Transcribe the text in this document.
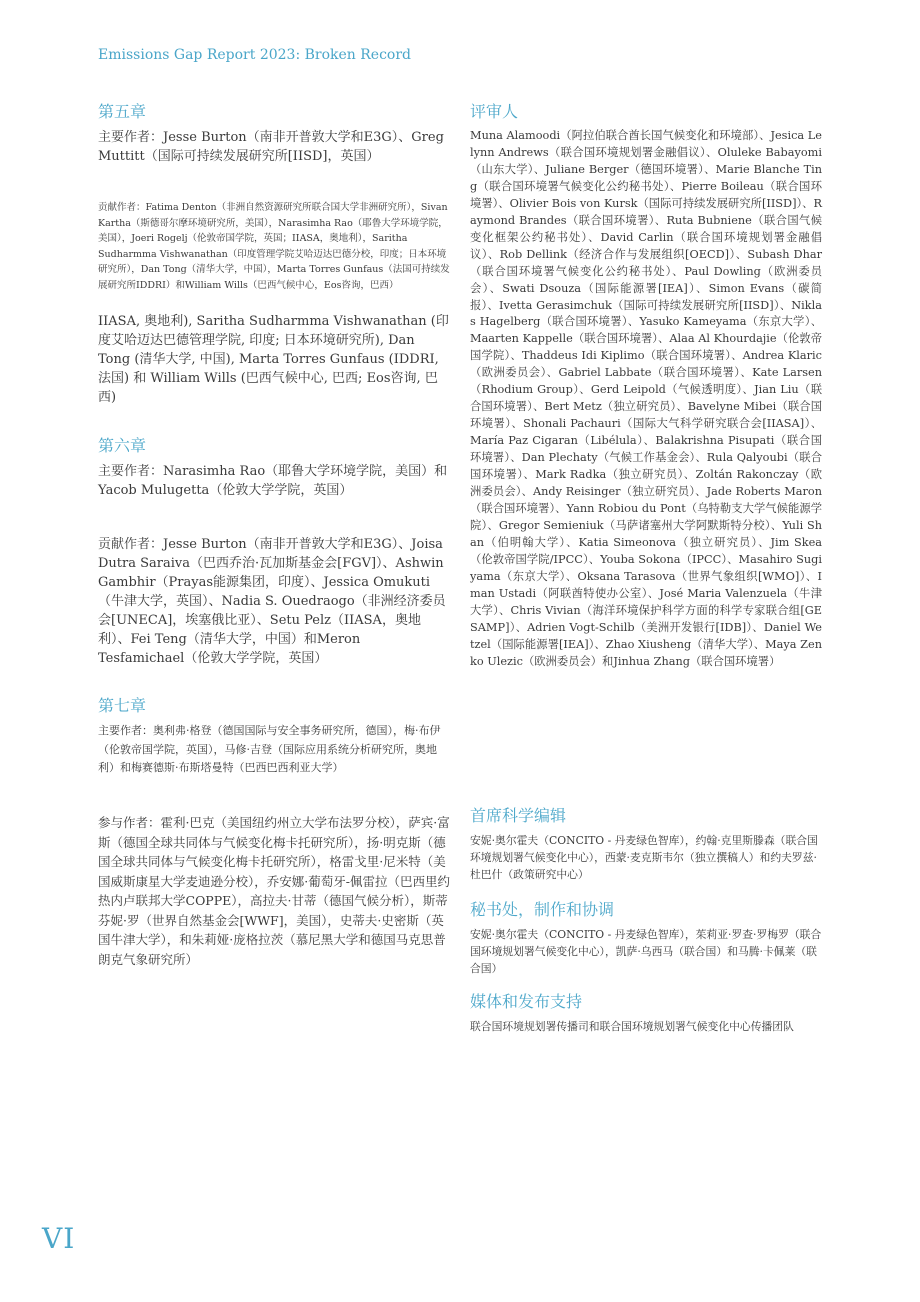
Emissions Gap Report 2023: Broken Record
第五章

主要作者：Jesse Burton（南非开普敦大学和E3G）、Greg Muttitt（国际可持续发展研究所[IISD]，英国）

贡献作者：Fatima Denton（非洲自然资源研究所联合国大学非洲研究所），Sivan Kartha（斯德哥尔摩环境研究所，美国），Narasimha Rao（耶鲁大学环境学院，美国），Joeri Rogelj（伦敦帝国学院，英国；IIASA，奥地利），Saritha Sudharmma Vishwanathan（印度管理学院艾哈迈达巴德分校，印度；日本环境研究所），Dan Tong（清华大学，中国），Marta Torres Gunfaus（法国可持续发展研究所IDDRI）和William Wills（巴西气候中心，Eos咨询，巴西）

IIASA, 奥地利), Saritha Sudharmma Vishwanathan (印度艾哈迈达巴德管理学院, 印度; 日本环境研究所), Dan Tong (清华大学, 中国), Marta Torres Gunfaus (IDDRI, 法国) 和 William Wills (巴西气候中心, 巴西; Eos咨询, 巴西)

第六章

主要作者：Narasimha Rao（耶鲁大学环境学院，美国）和Yacob Mulugetta（伦敦大学学院，英国）

贡献作者：Jesse Burton（南非开普敦大学和E3G）、Joisa Dutra Saraiva（巴西乔治·瓦加斯基金会[FGV]）、Ashwin Gambhir（Prayas能源集团，印度）、Jessica Omukuti（牛津大学，英国）、Nadia S. Ouedraogo（非洲经济委员会[UNECA]，埃塞俄比亚）、Setu Pelz（IIASA，奥地利）、Fei Teng（清华大学，中国）和Meron Tesfamichael（伦敦大学学院，英国）

第七章

主要作者：奥利弗·格登（德国国际与安全事务研究所，德国），梅·布伊（伦敦帝国学院，英国），马修·吉登（国际应用系统分析研究所，奥地利）和梅赛德斯·布斯塔曼特（巴西巴西利亚大学）

参与作者：霍利·巴克（美国纽约州立大学布法罗分校），萨宾·富斯（德国全球共同体与气候变化梅卡托研究所），扬·明克斯（德国全球共同体与气候变化梅卡托研究所），格雷戈里·尼米特（美国威斯康星大学麦迪逊分校），乔安娜·葡萄牙-佩雷拉（巴西里约热内卢联邦大学COPPE），高拉夫·甘蒂（德国气候分析），斯蒂芬妮·罗（世界自然基金会[WWF]，美国），史蒂夫·史密斯（英国牛津大学），和朱莉娅·庞格拉茨（慕尼黑大学和德国马克思普朗克气象研究所）

评审人

Muna Alamoodi（阿拉伯联合酋长国气候变化和环境部）、Jesica Lelynn Andrews（联合国环境规划署金融倡议）、Oluleke Babayomi（山东大学）、Juliane Berger（德国环境署）、Marie Blanche Ting（联合国环境署气候变化公约秘书处）、Pierre Boileau（联合国环境署）、Olivier Bois von Kursk（国际可持续发展研究所[IISD]）、Raymond Brandes（联合国环境署）、Ruta Bubniene（联合国气候变化框架公约秘书处）、David Carlin（联合国环境规划署金融倡议）、Rob Dellink（经济合作与发展组织[OECD]）、Subash Dhar（联合国环境署气候变化公约秘书处）、Paul Dowling（欧洲委员会）、Swati Dsouza（国际能源署[IEA]）、Simon Evans（碳简报）、Ivetta Gerasimchuk（国际可持续发展研究所[IISD]）、Niklas Hagelberg（联合国环境署）、Yasuko Kameyama（东京大学）、Maarten Kappelle（联合国环境署）、Alaa Al Khourdajie（伦敦帝国学院）、Thaddeus Idi Kiplimo（联合国环境署）、Andrea Klaric（欧洲委员会）、Gabriel Labbate（联合国环境署）、Kate Larsen（Rhodium Group）、Gerd Leipold（气候透明度）、Jian Liu（联合国环境署）、Bert Metz（独立研究员）、Bavelyne Mibei（联合国环境署）、Shonali Pachauri（国际大气科学研究联合会[IIASA]）、María Paz Cigaran（Libélula）、Balakrishna Pisupati（联合国环境署）、Dan Plechaty（气候工作基金会）、Rula Qalyoubi（联合国环境署）、Mark Radka（独立研究员）、Zoltán Rakonczay（欧洲委员会）、Andy Reisinger（独立研究员）、Jade Roberts Maron（联合国环境署）、Yann Robiou du Pont（乌特勒支大学气候能源学院）、Gregor Semieniuk（马萨诸塞州大学阿默斯特分校）、Yuli Shan（伯明翰大学）、Katia Simeonova（独立研究员）、Jim Skea（伦敦帝国学院/IPCC）、Youba Sokona（IPCC）、Masahiro Sugiyama（东京大学）、Oksana Tarasova（世界气象组织[WMO]）、Iman Ustadi（阿联酋特使办公室）、José Maria Valenzuela（牛津大学）、Chris Vivian（海洋环境保护科学方面的科学专家联合组[GESAMP]）、Adrien Vogt-Schilb（美洲开发银行[IDB]）、Daniel Wetzel（国际能源署[IEA]）、Zhao Xiusheng（清华大学）、Maya Zenko Ulezic（欧洲委员会）和Jinhua Zhang（联合国环境署）

首席科学编辑

安妮·奥尔霍夫（CONCITO - 丹麦绿色智库），约翰·克里斯滕森（联合国环境规划署气候变化中心），西蒙·麦克斯韦尔（独立撰稿人）和约夫罗兹·杜巴什（政策研究中心）

秘书处，制作和协调

安妮·奥尔霍夫（CONCITO - 丹麦绿色智库），茱莉亚·罗查·罗梅罗（联合国环境规划署气候变化中心），凯萨·乌西马（联合国）和马腾·卡佩莱（联合国）

媒体和发布支持

联合国环境规划署传播司和联合国环境规划署气候变化中心传播团队

VI
